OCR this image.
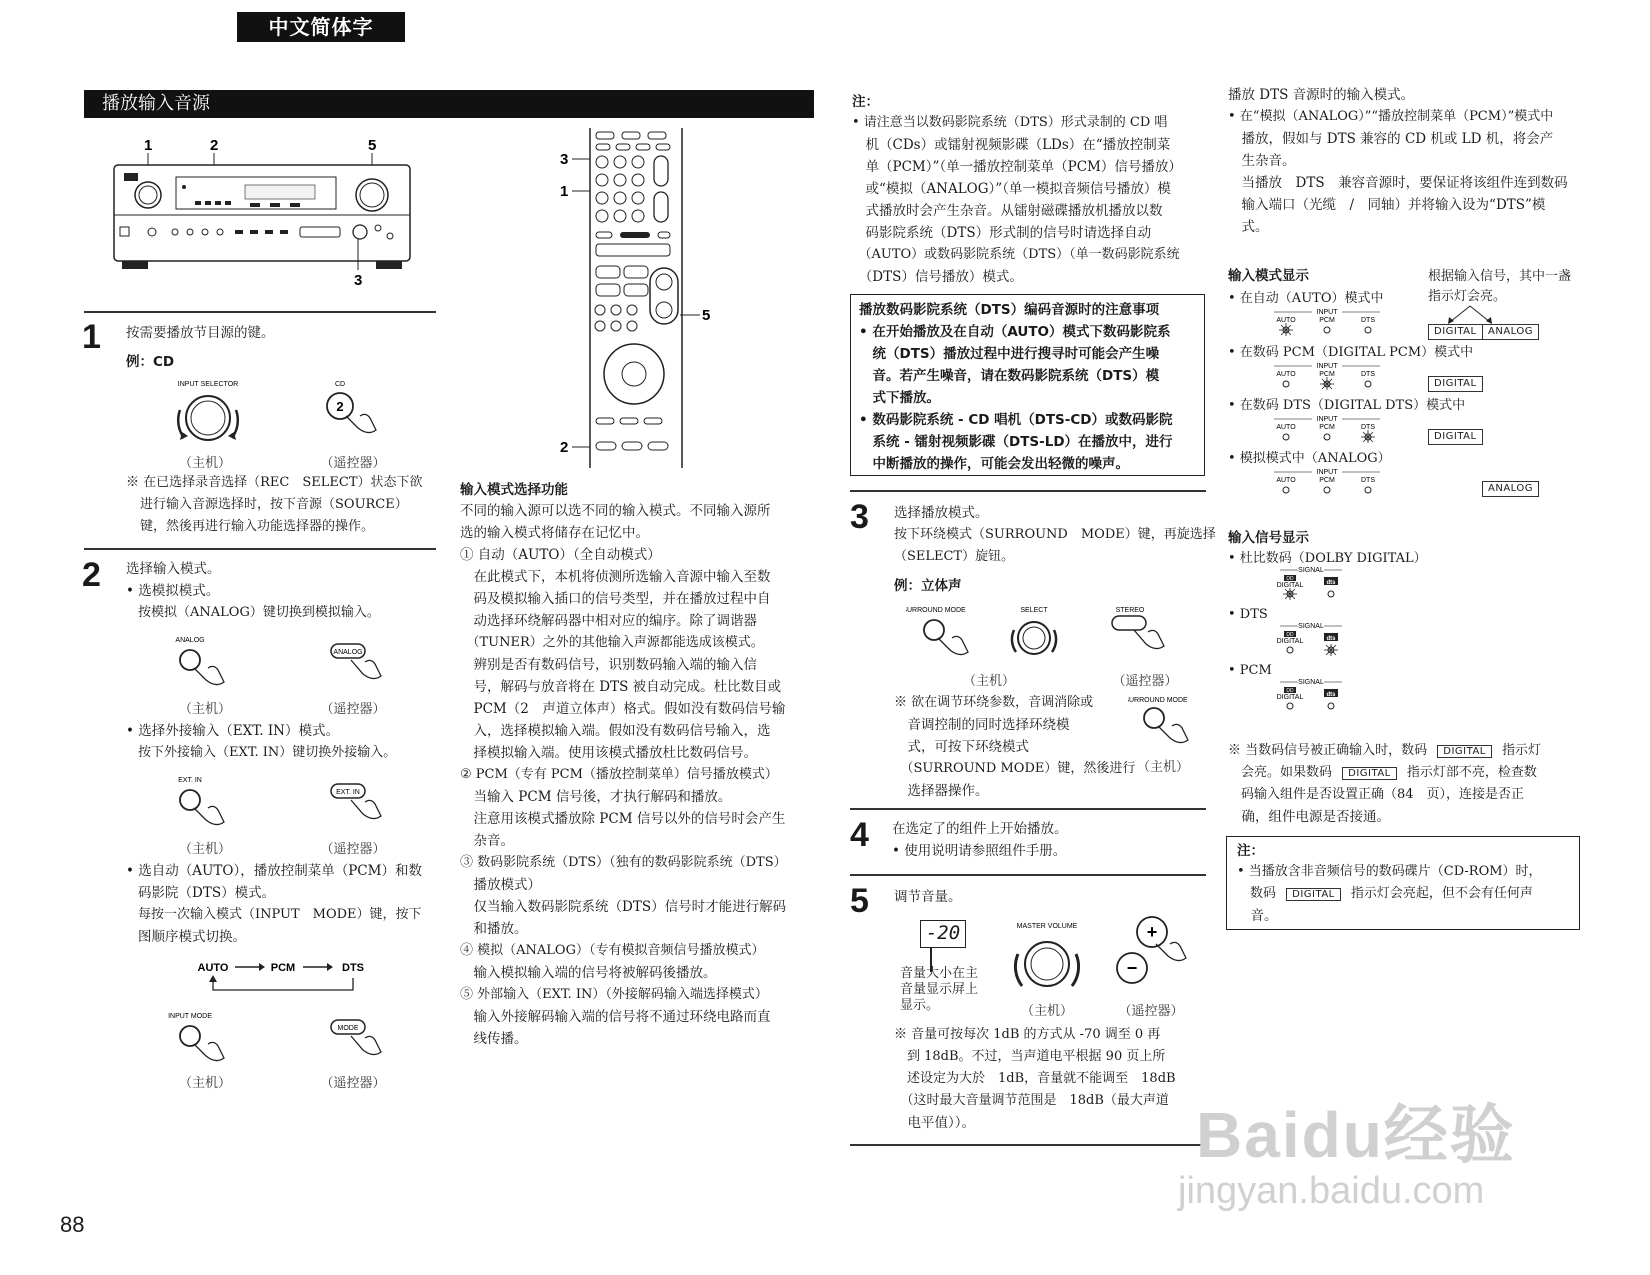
中文简体字
播放输入音源
1	2	5
3
1 按需要播放节目源的键。
例：CD
INPUT SELECTOR	CD
2
（主机）	（遥控器）
※ 在已选择录音选择（REC　SELECT）状态下欲
进行输入音源选择时，按下音源（SOURCE）
键，然後再进行输入功能选择器的操作。
2 选择输入模式。
• 选模拟模式。
按模拟（ANALOG）键切换到模拟输入。
ANALOG
ANALOG
（主机）	（遥控器）
• 选择外接输入（EXT. IN）模式。
按下外接输入（EXT. IN）键切换外接输入。
EXT. IN
EXT. IN
（主机）	（遥控器）
• 选自动（AUTO），播放控制菜单（PCM）和数
码影院（DTS）模式。
每按一次输入模式（INPUT　MODE）键，按下
图顺序模式切换。
AUTO	PCM	DTS
INPUT MODE
MODE
（主机）	（遥控器）
3
1
5
2
输入模式选择功能
不同的输入源可以选不同的输入模式。不同输入源所
选的输入模式将储存在记忆中。
① 自动（AUTO）（全自动模式）
　在此模式下，本机将侦测所选输入音源中输入至数
　码及模拟输入插口的信号类型，并在播放过程中自
　动选择环绕解码器中相对应的编序。除了调谐器
　（TUNER）之外的其他输入声源都能选成该模式。
　辨别是否有数码信号，识别数码输入端的输入信
　号，解码与放音将在 DTS 被自动完成。杜比数目或
　PCM（2　声道立体声）格式。假如没有数码信号输
　入，选择模拟输入端。假如没有数码信号输入，选
　择模拟输入端。使用该模式播放杜比数码信号。
② PCM（专有 PCM（播放控制菜单）信号播放模式）
　当输入 PCM 信号後，才执行解码和播放。
　注意用该模式播放除 PCM 信号以外的信号时会产生
　杂音。
③ 数码影院系统（DTS）（独有的数码影院系统（DTS）
　播放模式）
　仅当输入数码影院系统（DTS）信号时才能进行解码
　和播放。
④ 模拟（ANALOG）（专有模拟音频信号播放模式）
　输入模拟输入端的信号将被解码後播放。
⑤ 外部输入（EXT. IN）（外接解码输入端选择模式）
　输入外接解码输入端的信号将不通过环绕电路而直
　线传播。
注：
• 请注意当以数码影院系统（DTS）形式录制的 CD 唱
　机（CDs）或镭射视频影碟（LDs）在“播放控制菜
　单（PCM）”（单一播放控制菜单（PCM）信号播放）
　或“模拟（ANALOG）”（单一模拟音频信号播放）模
　式播放时会产生杂音。从镭射磁碟播放机播放以数
　码影院系统（DTS）形式制的信号时请选择自动
　（AUTO）或数码影院系统（DTS）（单一数码影院系统
　（DTS）信号播放）模式。
播放数码影院系统（DTS）编码音源时的注意事项
• 在开始播放及在自动（AUTO）模式下数码影院系
　统（DTS）播放过程中进行搜寻时可能会产生噪
　音。若产生噪音，请在数码影院系统（DTS）模
　式下播放。
• 数码影院系统 - CD 唱机（DTS-CD）或数码影院
　系统 - 镭射视频影碟（DTS-LD）在播放中，进行
　中断播放的操作，可能会发出轻微的噪声。
3 选择播放模式。
按下环绕模式（SURROUND　MODE）键，再旋选择
（SELECT）旋钮。
例：立体声
SURROUND MODE	SELECT	STEREO
（主机）	（遥控器）
※ 欲在调节环绕参数，音调消除或
　音调控制的同时选择环绕模
　式，可按下环绕模式
　（SURROUND MODE）键，然後进行
　选择器操作。
SURROUND MODE
（主机）
4 在选定了的组件上开始播放。
• 使用说明请参照组件手册。
5 调节音量。
-20
音量大小在主
音量显示屏上
显示。
MASTER VOLUME	+
−
（主机）	（遥控器）
※ 音量可按每次 1dB 的方式从 -70 调至 0 再
　到 18dB。不过，当声道电平根据 90 页上所
　述设定为大於　1dB，音量就不能调至　18dB
　（这时最大音量调节范围是　18dB（最大声道
　电平值））。
播放 DTS 音源时的输入模式。
• 在“模拟（ANALOG）”“播放控制菜单（PCM）”模式中
　播放，假如与 DTS 兼容的 CD 机或 LD 机，将会产
　生杂音。
　当播放　DTS　兼容音源时，要保证将该组件连到数码
　输入端口（光缆　/　同轴）并将输入设为“DTS”模
　式。
输入模式显示	根据输入信号，其中一盏
指示灯会亮。
• 在自动（AUTO）模式中
• 在数码 PCM（DIGITAL PCM）模式中
• 在数码 DTS（DIGITAL DTS）模式中
• 模拟模式中（ANALOG）
INPUT
AUTO	PCM	DTS
DIGITAL	ANALOG
INPUT
AUTO	PCM	DTS
DIGITAL
INPUT
AUTO	PCM	DTS
DIGITAL
INPUT
AUTO	PCM	DTS
ANALOG
输入信号显示
• 杜比数码（DOLBY DIGITAL）
• DTS
• PCM
SIGNAL
DD
DIGITAL	dts
SIGNAL
DD
DIGITAL	dts
SIGNAL
DD
DIGITAL	dts
※ 当数码信号被正确输入时，数码 DIGITAL 指示灯
　会亮。如果数码 DIGITAL 指示灯部不亮，检查数
　码输入组件是否设置正确（84　页），连接是否正
　确，组件电源是否接通。
注：
• 当播放含非音频信号的数码碟片（CD-ROM）时，
　数码 DIGITAL 指示灯会亮起，但不会有任何声
　音。
Baidu经验
jingyan.baidu.com
88
